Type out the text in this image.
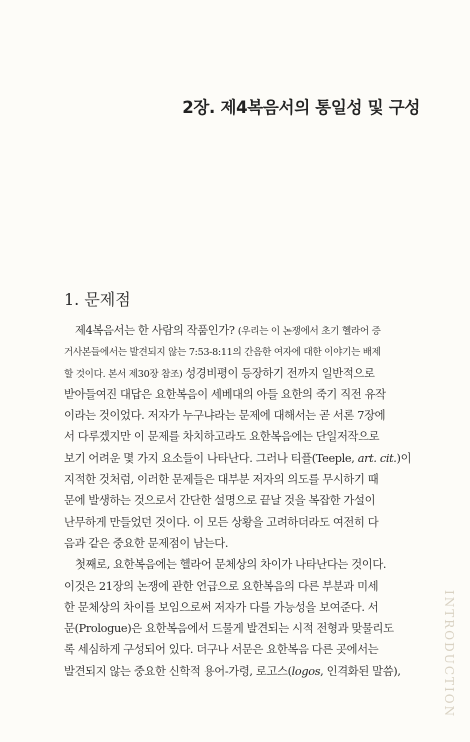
2장. 제4복음서의 통일성 및 구성
1. 문제점
제4복음서는 한 사람의 작품인가? (우리는 이 논쟁에서 초기 헬라어 증
거사본들에서는 발견되지 않는 7:53-8:11의 간음한 여자에 대한 이야기는 배제
할 것이다. 본서 제30장 참조) 성경비평이 등장하기 전까지 일반적으로
받아들여진 대답은 요한복음이 세베대의 아들 요한의 죽기 직전 유작
이라는 것이었다. 저자가 누구냐라는 문제에 대해서는 곧 서론 7장에
서 다루겠지만 이 문제를 차치하고라도 요한복음에는 단일저작으로
보기 어려운 몇 가지 요소들이 나타난다. 그러나 티플(Teeple, art. cit.)이
지적한 것처럼, 이러한 문제들은 대부분 저자의 의도를 무시하기 때
문에 발생하는 것으로서 간단한 설명으로 끝날 것을 복잡한 가설이
난무하게 만들었던 것이다. 이 모든 상황을 고려하더라도 여전히 다
음과 같은 중요한 문제점이 남는다.
첫째로, 요한복음에는 헬라어 문체상의 차이가 나타난다는 것이다.
이것은 21장의 논쟁에 관한 언급으로 요한복음의 다른 부분과 미세
한 문체상의 차이를 보임으로써 저자가 다를 가능성을 보여준다. 서
문(Prologue)은 요한복음에서 드물게 발견되는 시적 전형과 맞물리도
록 세심하게 구성되어 있다. 더구나 서문은 요한복음 다른 곳에서는
발견되지 않는 중요한 신학적 용어-가령, 로고스(logos, 인격화된 말씀),	INTRODUCTION
